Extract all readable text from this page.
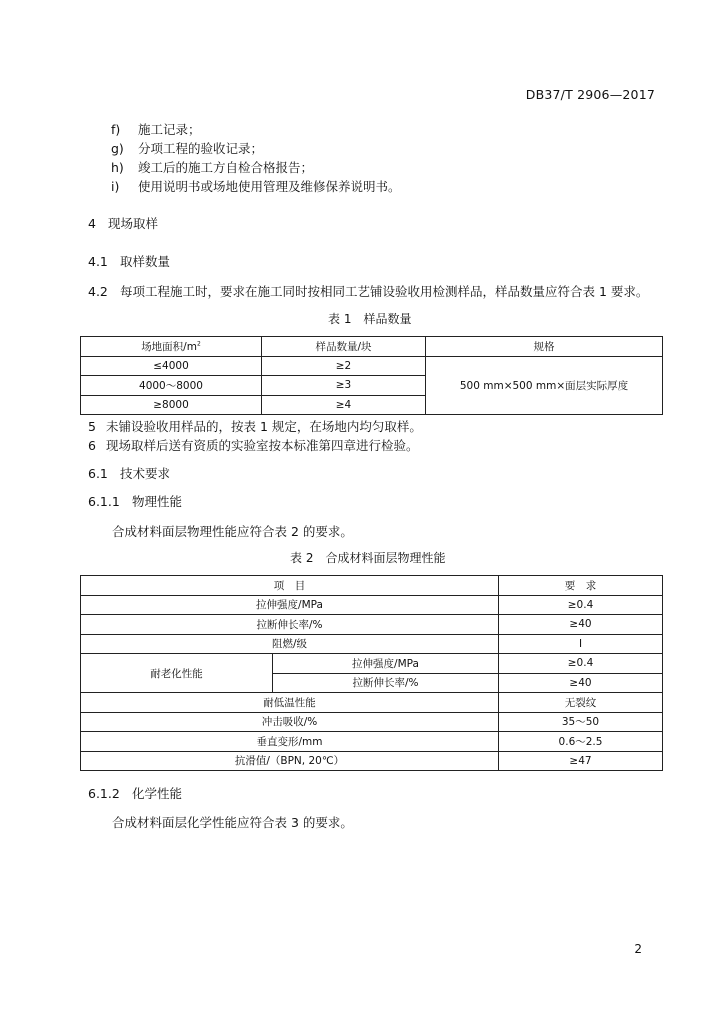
DB37/T 2906—2017
f) 施工记录；
g) 分项工程的验收记录；
h) 竣工后的施工方自检合格报告；
i) 使用说明书或场地使用管理及维修保养说明书。
4 现场取样
4.1 取样数量
4.2 每项工程施工时，要求在施工同时按相同工艺铺设验收用检测样品，样品数量应符合表 1 要求。
表 1　样品数量
场地面积$/m^2$	样品数量/块	规格
≤4000	≥2	500 mm×500 mm×面层实际厚度
4000～8000	≥3	
≥8000	≥4	
5 未铺设验收用样品的，按表 1 规定，在场地内均匀取样。
6 现场取样后送有资质的实验室按本标准第四章进行检验。
6.1 技术要求
6.1.1 物理性能
合成材料面层物理性能应符合表 2 的要求。
表 2　合成材料面层物理性能
项　目		要　求
拉伸强度/MPa		≥0.4
拉断伸长率/%		≥40
阻燃/级		I
耐老化性能	拉伸强度/MPa	≥0.4
	拉断伸长率/%	≥40
耐低温性能		无裂纹
冲击吸收/%		35～50
垂直变形/mm		0.6～2.5
抗滑值/（BPN, 20℃）		≥47
6.1.2 化学性能
合成材料面层化学性能应符合表 3 的要求。
2
